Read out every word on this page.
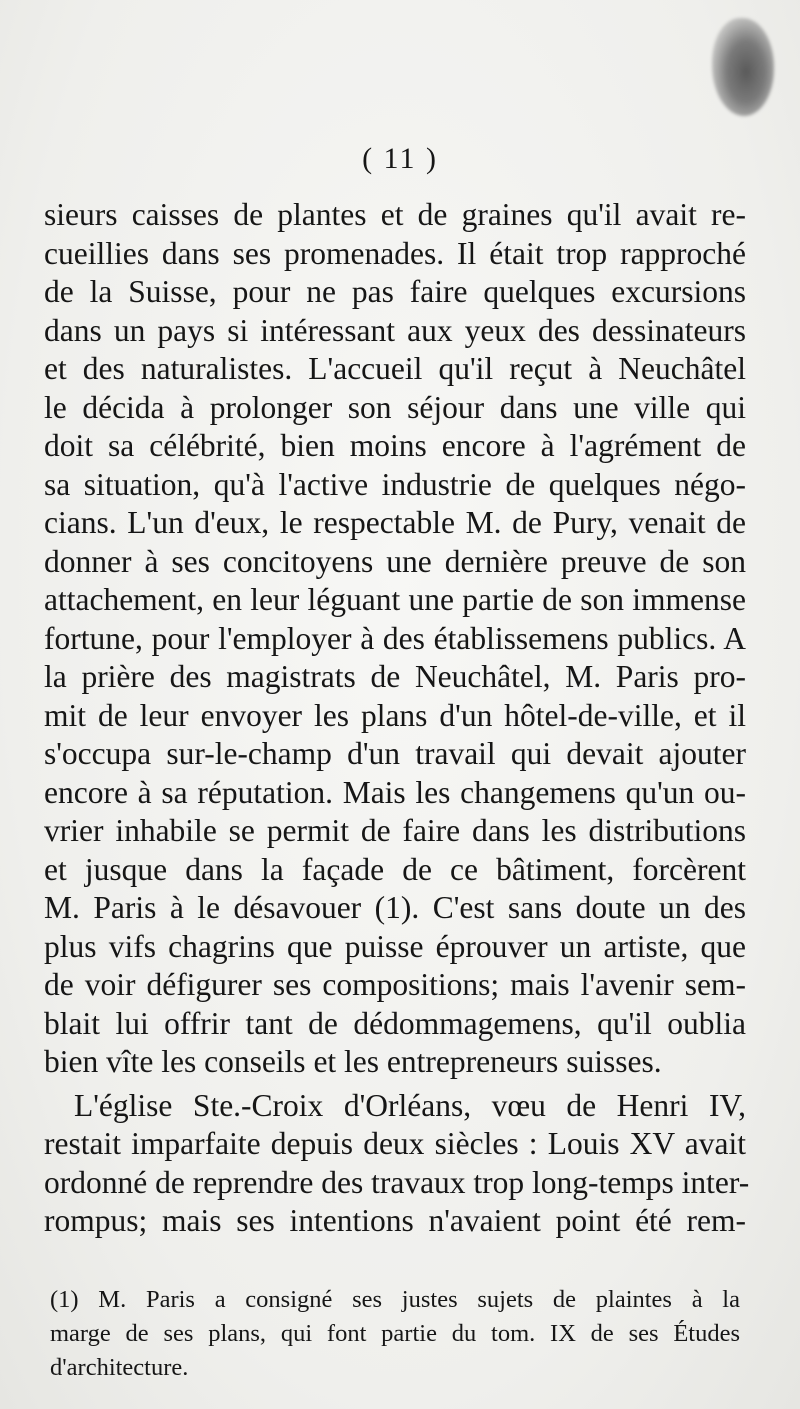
( 11 )
sieurs caisses de plantes et de graines qu'il avait re-
cueillies dans ses promenades. Il était trop rapproché
de la Suisse, pour ne pas faire quelques excursions
dans un pays si intéressant aux yeux des dessinateurs
et des naturalistes. L'accueil qu'il reçut à Neuchâtel
le décida à prolonger son séjour dans une ville qui
doit sa célébrité, bien moins encore à l'agrément de
sa situation, qu'à l'active industrie de quelques négo-
cians. L'un d'eux, le respectable M. de Pury, venait de
donner à ses concitoyens une dernière preuve de son
attachement, en leur léguant une partie de son immense
fortune, pour l'employer à des établissemens publics. A
la prière des magistrats de Neuchâtel, M. Paris pro-
mit de leur envoyer les plans d'un hôtel-de-ville, et il
s'occupa sur-le-champ d'un travail qui devait ajouter
encore à sa réputation. Mais les changemens qu'un ou-
vrier inhabile se permit de faire dans les distributions
et jusque dans la façade de ce bâtiment, forcèrent
M. Paris à le désavouer (1). C'est sans doute un des
plus vifs chagrins que puisse éprouver un artiste, que
de voir défigurer ses compositions; mais l'avenir sem-
blait lui offrir tant de dédommagemens, qu'il oublia
bien vîte les conseils et les entrepreneurs suisses.
L'église Ste.-Croix d'Orléans, vœu de Henri IV,
restait imparfaite depuis deux siècles : Louis XV avait
ordonné de reprendre des travaux trop long-temps inter-
rompus; mais ses intentions n'avaient point été rem-
(1) M. Paris a consigné ses justes sujets de plaintes à la
marge de ses plans, qui font partie du tom. IX de ses Études
d'architecture.
